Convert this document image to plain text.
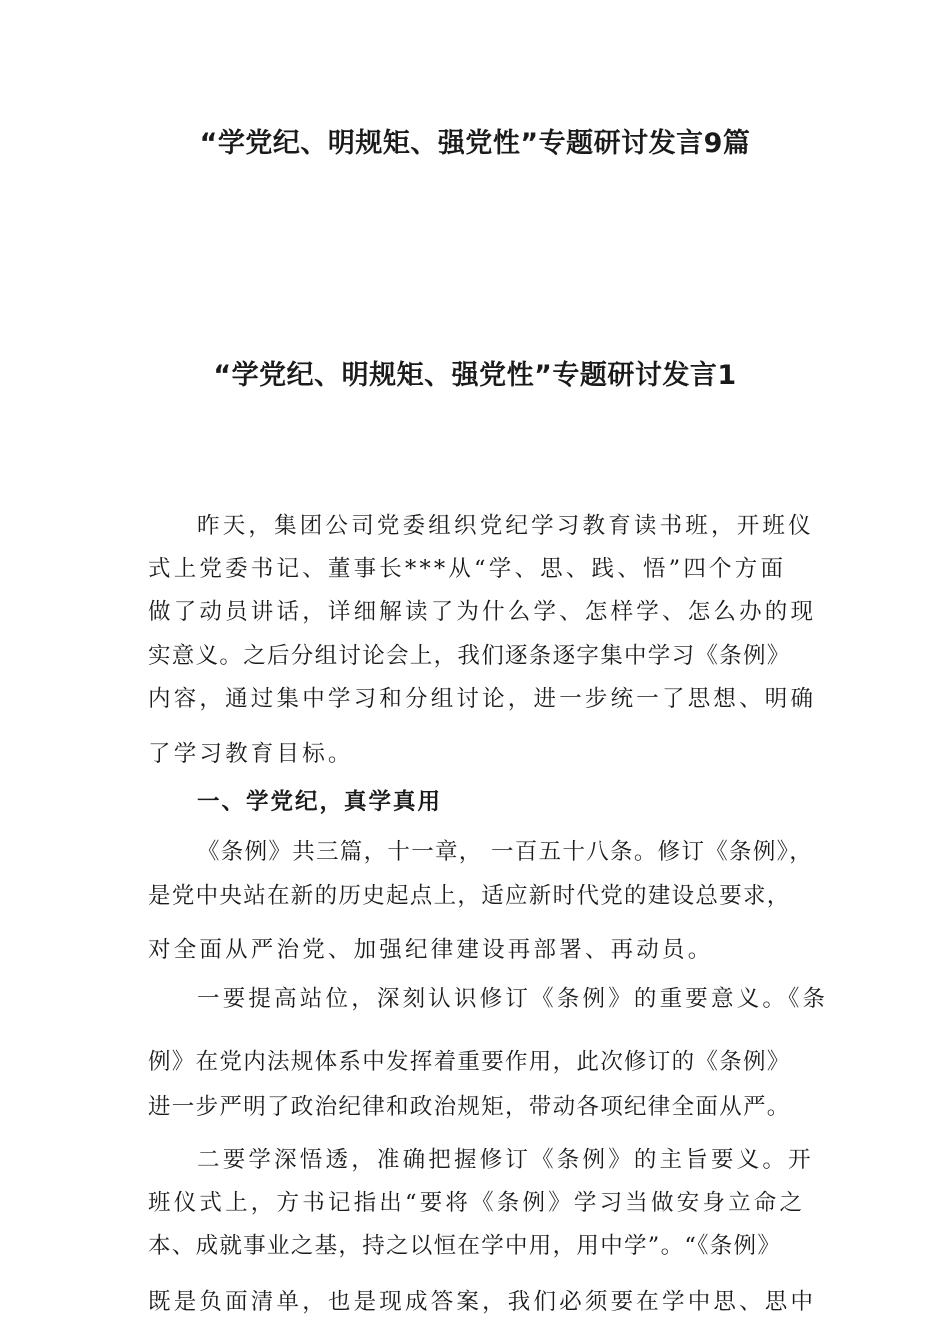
“学党纪、明规矩、强党性”专题研讨发言9篇
“学党纪、明规矩、强党性”专题研讨发言1
昨天，集团公司党委组织党纪学习教育读书班，开班仪
式上党委书记、董事长***从“学、思、践、悟”四个方面
做了动员讲话，详细解读了为什么学、怎样学、怎么办的现
实意义。之后分组讨论会上，我们逐条逐字集中学习《条例》
内容，通过集中学习和分组讨论，进一步统一了思想、明确
了学习教育目标。
一、学党纪，真学真用
《条例》共三篇，十一章， 一百五十八条。修订《条例》，
是党中央站在新的历史起点上，适应新时代党的建设总要求，
对全面从严治党、加强纪律建设再部署、再动员。
一要提高站位，深刻认识修订《条例》的重要意义。《条
例》在党内法规体系中发挥着重要作用，此次修订的《条例》
进一步严明了政治纪律和政治规矩，带动各项纪律全面从严。
二要学深悟透，准确把握修订《条例》的主旨要义。开
班仪式上，方书记指出“要将《条例》学习当做安身立命之
本、成就事业之基，持之以恒在学中用，用中学”。“《条例》
既是负面清单，也是现成答案，我们必须要在学中思、思中
